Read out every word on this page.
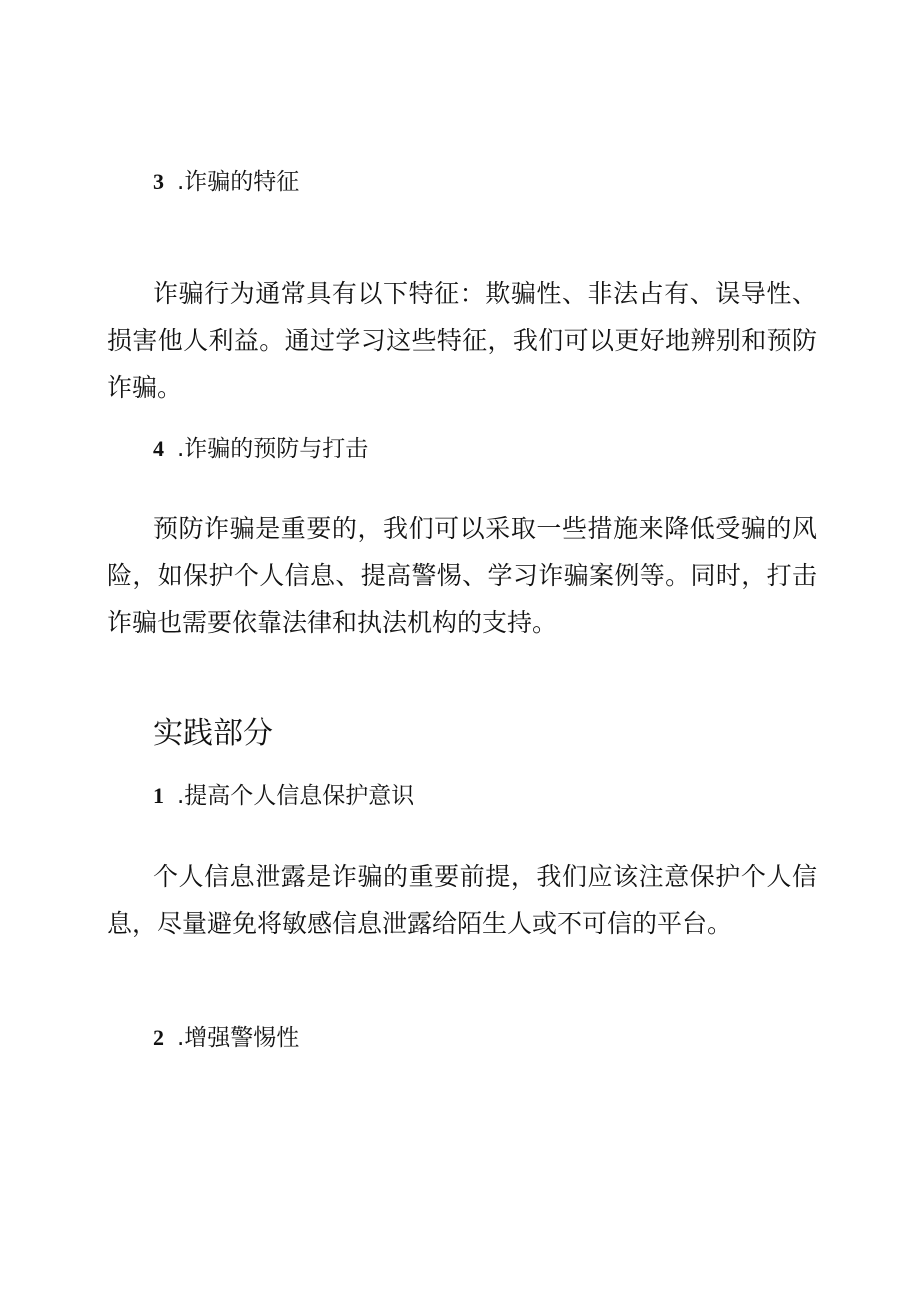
3 .诈骗的特征

诈骗行为通常具有以下特征：欺骗性、非法占有、误导性、损害他人利益。通过学习这些特征，我们可以更好地辨别和预防诈骗。

4 .诈骗的预防与打击

预防诈骗是重要的，我们可以采取一些措施来降低受骗的风险，如保护个人信息、提高警惕、学习诈骗案例等。同时，打击诈骗也需要依靠法律和执法机构的支持。

实践部分
1 .提高个人信息保护意识

个人信息泄露是诈骗的重要前提，我们应该注意保护个人信息，尽量避免将敏感信息泄露给陌生人或不可信的平台。

2 .增强警惕性
